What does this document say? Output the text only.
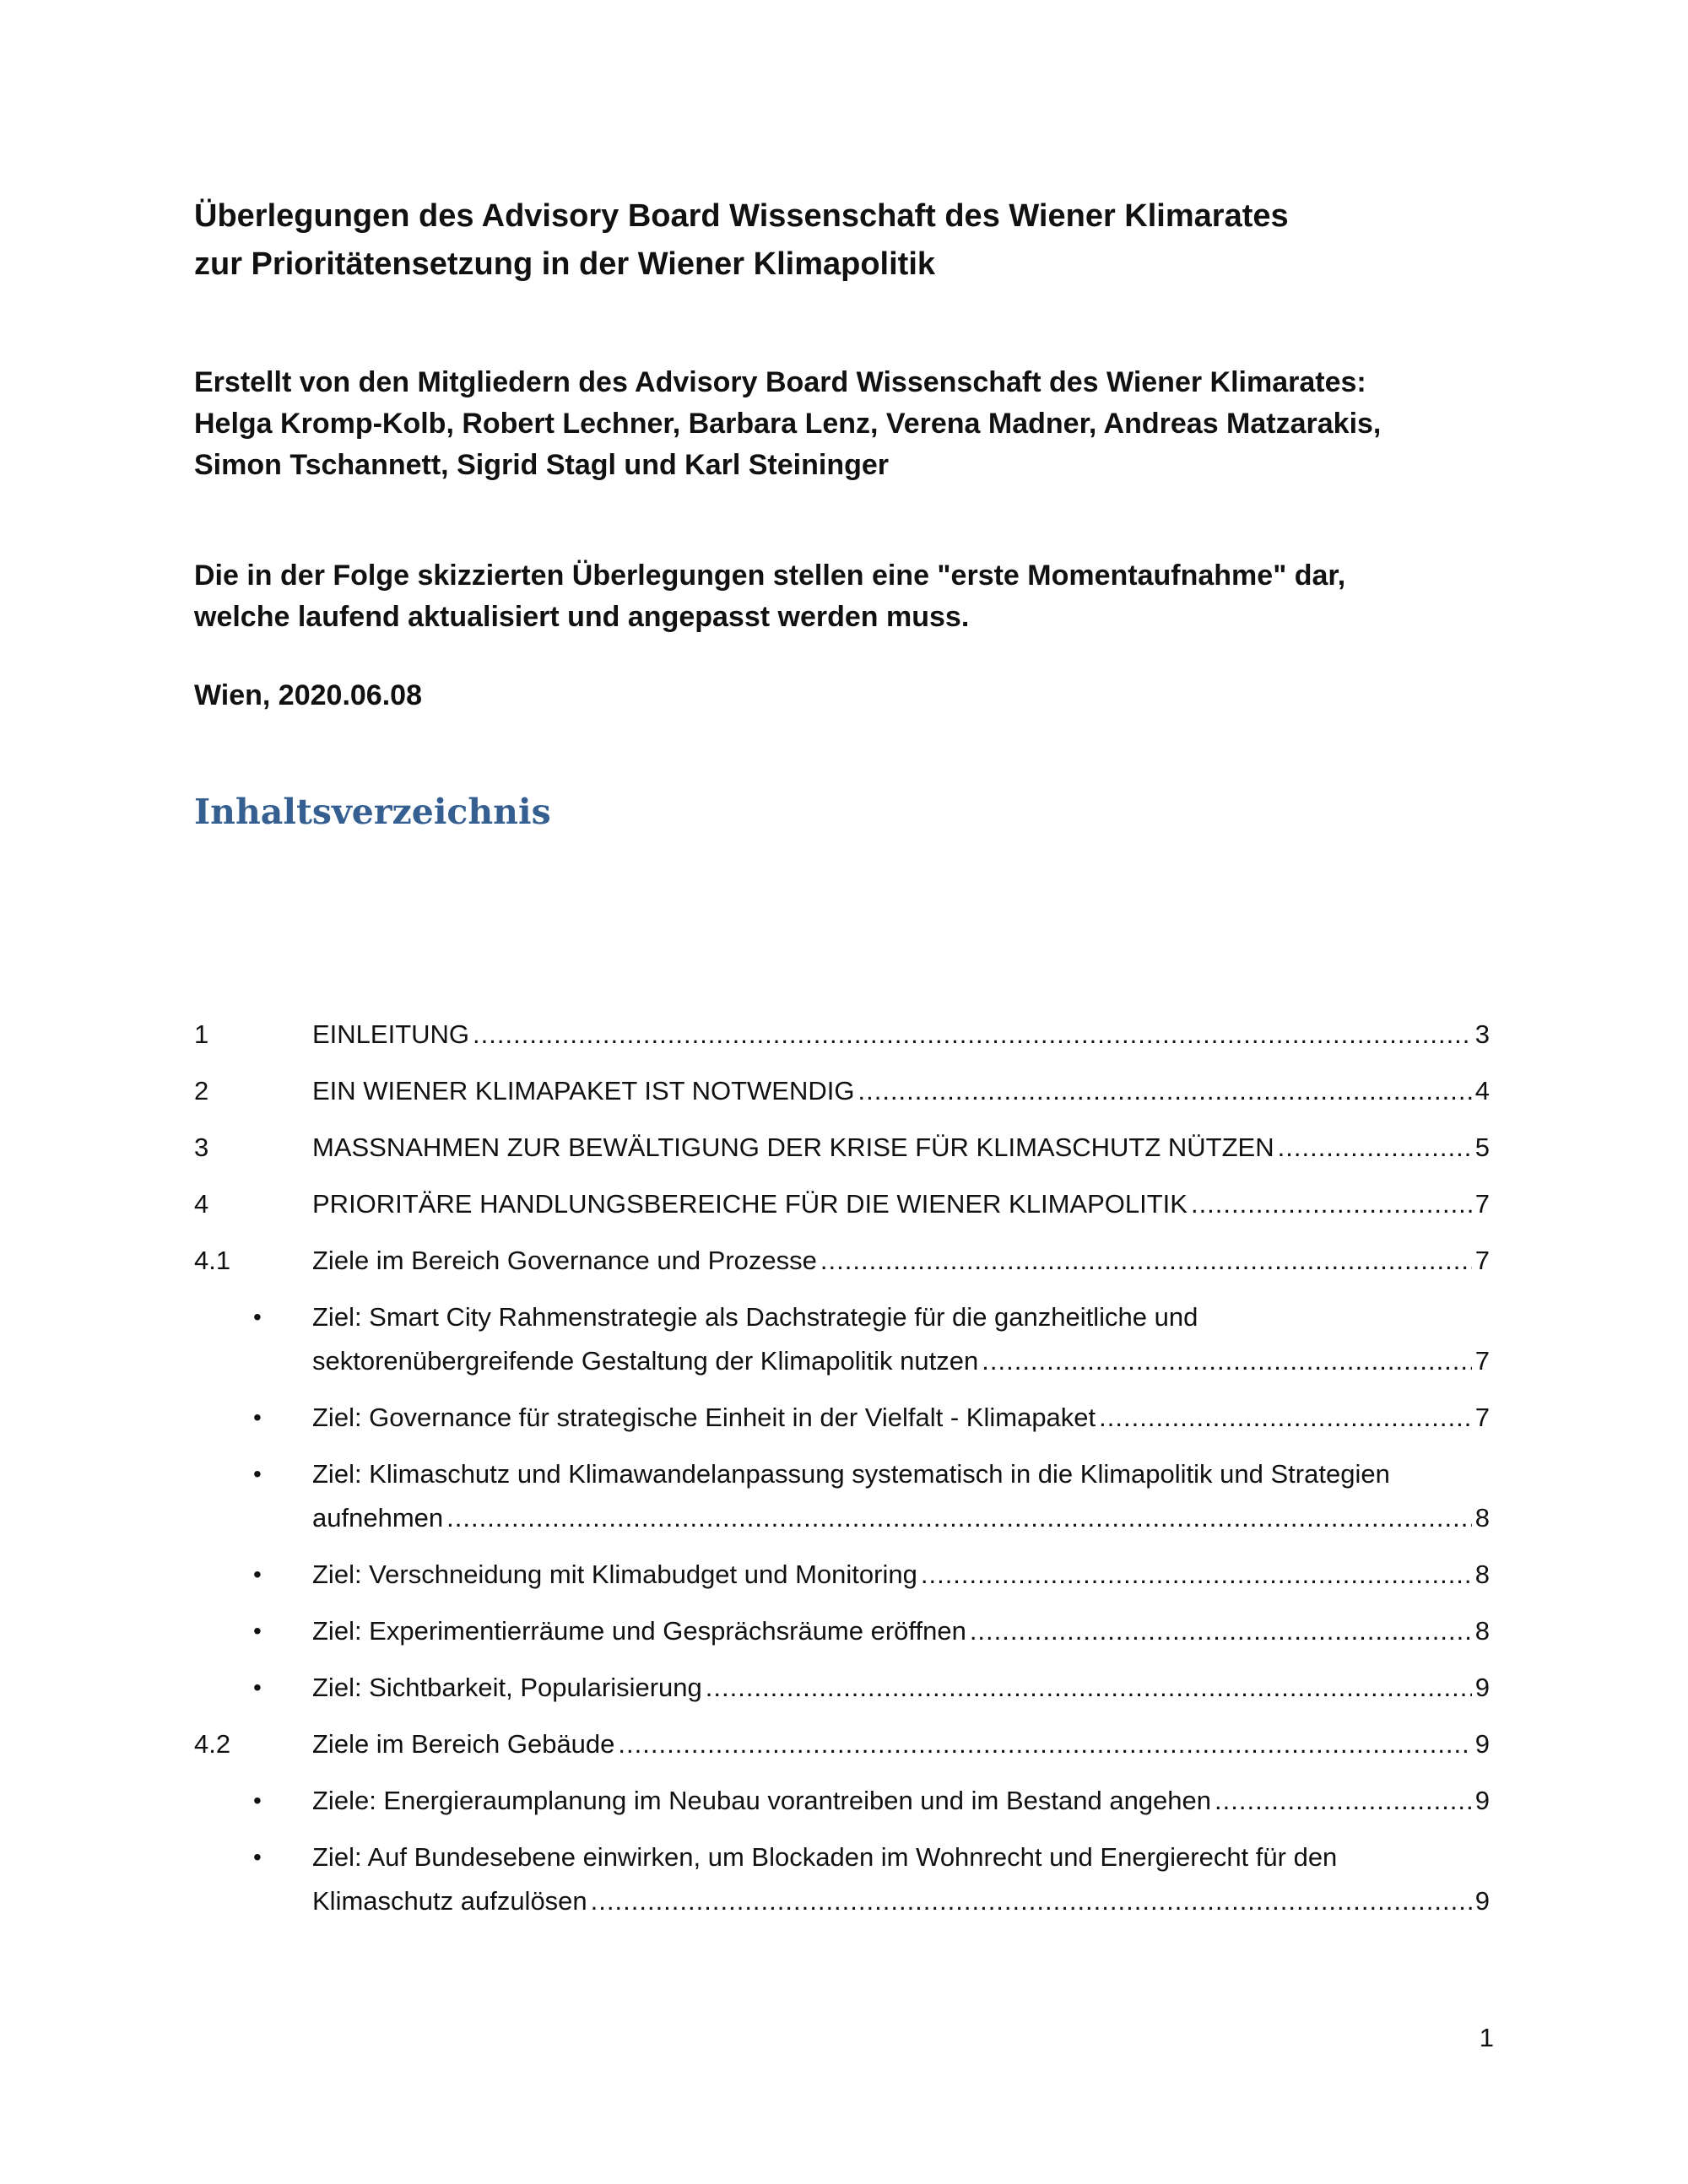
Überlegungen des Advisory Board Wissenschaft des Wiener Klimarates
zur Prioritätensetzung in der Wiener Klimapolitik
Erstellt von den Mitgliedern des Advisory Board Wissenschaft des Wiener Klimarates:
Helga Kromp-Kolb, Robert Lechner, Barbara Lenz, Verena Madner, Andreas Matzarakis,
Simon Tschannett, Sigrid Stagl und Karl Steininger
Die in der Folge skizzierten Überlegungen stellen eine "erste Momentaufnahme" dar,
welche laufend aktualisiert und angepasst werden muss.
Wien, 2020.06.08
Inhaltsverzeichnis
1	EINLEITUNG .....	3
2	EIN WIENER KLIMAPAKET IST NOTWENDIG .....	4
3	MASSNAHMEN ZUR BEWÄLTIGUNG DER KRISE FÜR KLIMASCHUTZ NÜTZEN .....	5
4	PRIORITÄRE HANDLUNGSBEREICHE FÜR DIE WIENER KLIMAPOLITIK .....	7
4.1	Ziele im Bereich Governance und Prozesse .....	7
• Ziel: Smart City Rahmenstrategie als Dachstrategie für die ganzheitliche und
sektorenübergreifende Gestaltung der Klimapolitik nutzen .....	7
• Ziel: Governance für strategische Einheit in der Vielfalt - Klimapaket .....	7
• Ziel: Klimaschutz und Klimawandelanpassung systematisch in die Klimapolitik und Strategien
aufnehmen .....	8
• Ziel: Verschneidung mit Klimabudget und Monitoring .....	8
• Ziel: Experimentierräume und Gesprächsräume eröffnen .....	8
• Ziel: Sichtbarkeit, Popularisierung .....	9
4.2	Ziele im Bereich Gebäude .....	9
• Ziele: Energieraumplanung im Neubau vorantreiben und im Bestand angehen .....	9
• Ziel: Auf Bundesebene einwirken, um Blockaden im Wohnrecht und Energierecht für den
Klimaschutz aufzulösen .....	9
1
